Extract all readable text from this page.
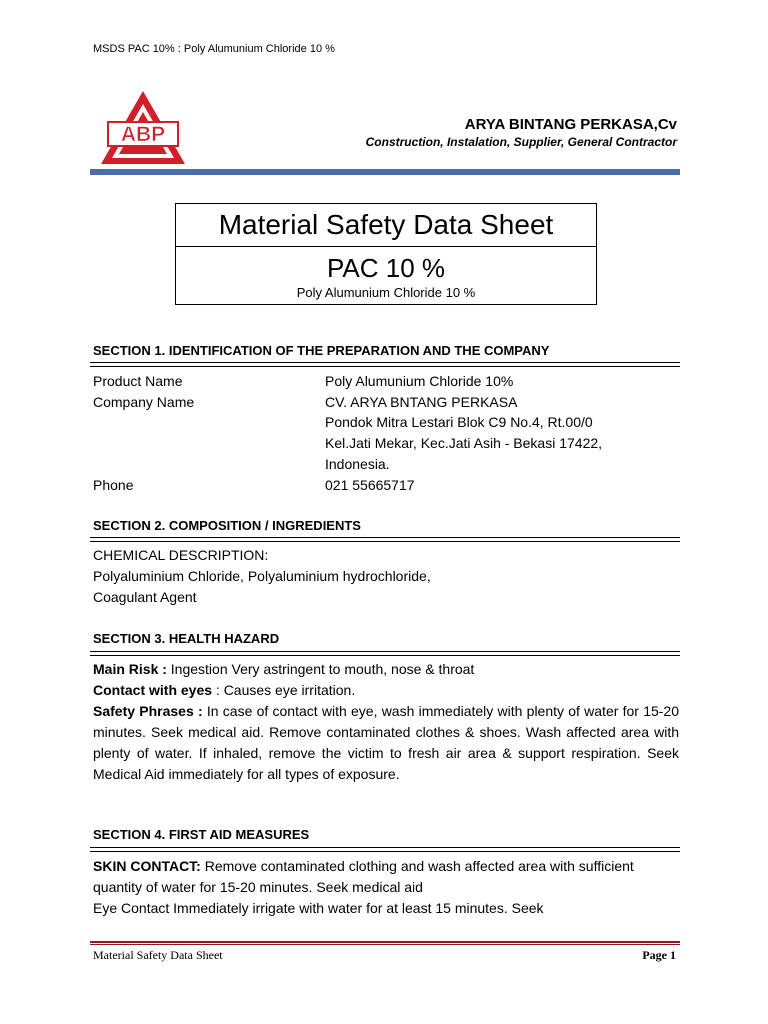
MSDS PAC 10% : Poly Alumunium Chloride 10 %
ABP	ARYA BINTANG PERKASA,Cv
Construction, Instalation, Supplier, General Contractor
Material Safety Data Sheet
PAC 10 %
Poly Alumunium Chloride 10 %
SECTION 1. IDENTIFICATION OF THE PREPARATION AND THE COMPANY
Product Name	Poly Alumunium Chloride 10%
Company Name	CV. ARYA BNTANG PERKASA
Pondok Mitra Lestari Blok C9 No.4, Rt.00/0
Kel.Jati Mekar, Kec.Jati Asih - Bekasi 17422,
Indonesia.
Phone	021 55665717
SECTION 2. COMPOSITION / INGREDIENTS
CHEMICAL DESCRIPTION:
Polyaluminium Chloride, Polyaluminium hydrochloride,
Coagulant Agent
SECTION 3. HEALTH HAZARD
Main Risk : Ingestion Very astringent to mouth, nose & throat
Contact with eyes : Causes eye irritation.
Safety Phrases : In case of contact with eye, wash immediately with plenty of water for 15-20 minutes. Seek medical aid. Remove contaminated clothes & shoes. Wash affected area with plenty of water. If inhaled, remove the victim to fresh air area & support respiration. Seek Medical Aid immediately for all types of exposure.
SECTION 4. FIRST AID MEASURES
SKIN CONTACT: Remove contaminated clothing and wash affected area with sufficient quantity of water for 15-20 minutes. Seek medical aid
Eye Contact Immediately irrigate with water for at least 15 minutes. Seek
Material Safety Data Sheet	Page 1
